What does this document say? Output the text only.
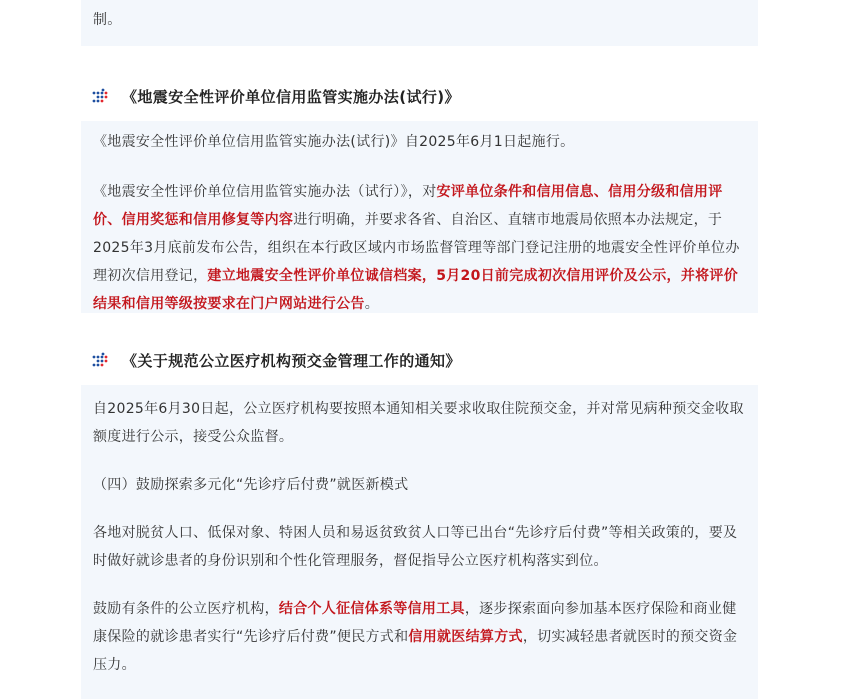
制。

《地震安全性评价单位信用监管实施办法(试行)》

《地震安全性评价单位信用监管实施办法(试行)》自2025年6月1日起施行。

《地震安全性评价单位信用监管实施办法（试行）》，对安评单位条件和信用信息、信用分级和信用评价、信用奖惩和信用修复等内容进行明确，并要求各省、自治区、直辖市地震局依照本办法规定，于2025年3月底前发布公告，组织在本行政区域内市场监督管理等部门登记注册的地震安全性评价单位办理初次信用登记，建立地震安全性评价单位诚信档案，5月20日前完成初次信用评价及公示，并将评价结果和信用等级按要求在门户网站进行公告。

《关于规范公立医疗机构预交金管理工作的通知》

自2025年6月30日起，公立医疗机构要按照本通知相关要求收取住院预交金，并对常见病种预交金收取额度进行公示，接受公众监督。

（四）鼓励探索多元化“先诊疗后付费”就医新模式

各地对脱贫人口、低保对象、特困人员和易返贫致贫人口等已出台“先诊疗后付费”等相关政策的，要及时做好就诊患者的身份识别和个性化管理服务，督促指导公立医疗机构落实到位。

鼓励有条件的公立医疗机构，结合个人征信体系等信用工具，逐步探索面向参加基本医疗保险和商业健康保险的就诊患者实行“先诊疗后付费”便民方式和信用就医结算方式，切实减轻患者就医时的预交资金压力。
